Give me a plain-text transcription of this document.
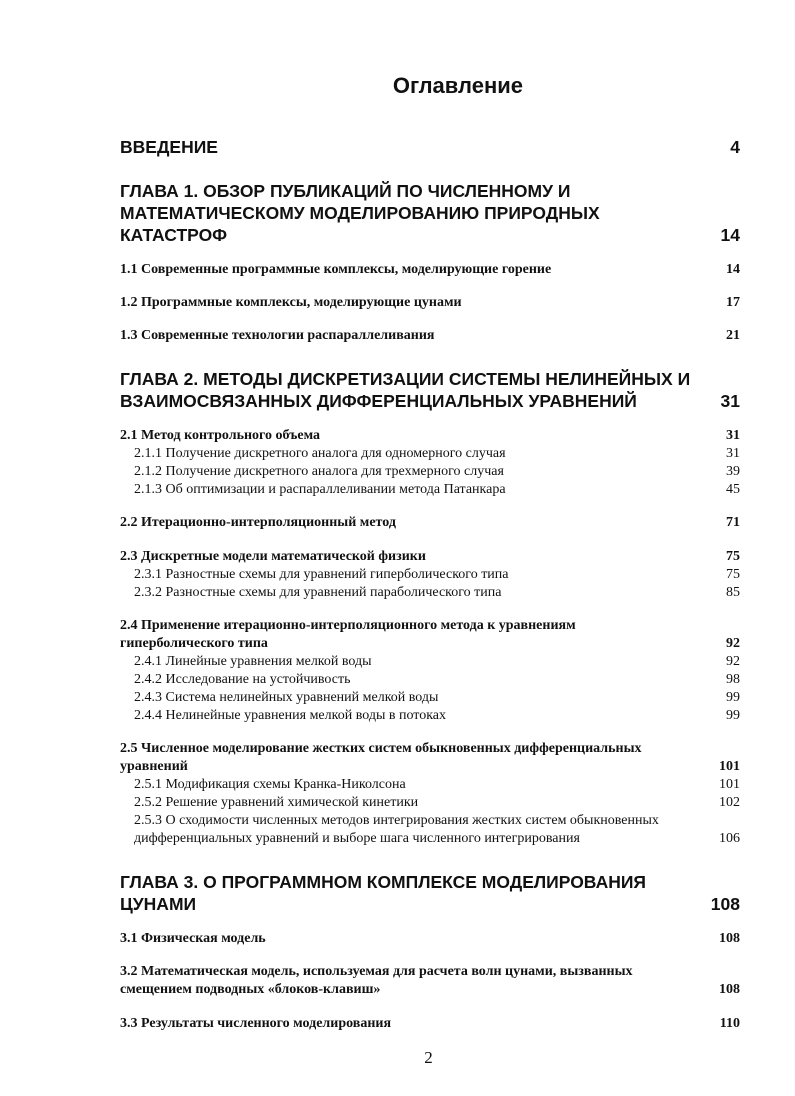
Оглавление
ВВЕДЕНИЕ	4
ГЛАВА 1. ОБЗОР ПУБЛИКАЦИЙ ПО ЧИСЛЕННОМУ И
МАТЕМАТИЧЕСКОМУ МОДЕЛИРОВАНИЮ ПРИРОДНЫХ
КАТАСТРОФ	14
1.1 Современные программные комплексы, моделирующие горение	14
1.2 Программные комплексы, моделирующие цунами	17
1.3 Современные технологии распараллеливания	21
ГЛАВА 2. МЕТОДЫ ДИСКРЕТИЗАЦИИ СИСТЕМЫ НЕЛИНЕЙНЫХ И
ВЗАИМОСВЯЗАННЫХ ДИФФЕРЕНЦИАЛЬНЫХ УРАВНЕНИЙ	31
2.1 Метод контрольного объема	31
2.1.1 Получение дискретного аналога для одномерного случая	31
2.1.2 Получение дискретного аналога для трехмерного случая	39
2.1.3 Об оптимизации и распараллеливании метода Патанкара	45
2.2 Итерационно-интерполяционный метод	71
2.3 Дискретные модели математической физики	75
2.3.1 Разностные схемы для уравнений гиперболического типа	75
2.3.2 Разностные схемы для уравнений параболического типа	85
2.4 Применение итерационно-интерполяционного метода к уравнениям
гиперболического типа	92
2.4.1 Линейные уравнения мелкой воды	92
2.4.2 Исследование на устойчивость	98
2.4.3 Система нелинейных уравнений мелкой воды	99
2.4.4 Нелинейные уравнения мелкой воды в потоках	99
2.5 Численное моделирование жестких систем обыкновенных дифференциальных
уравнений	101
2.5.1 Модификация схемы Кранка-Николсона	101
2.5.2 Решение уравнений химической кинетики	102
2.5.3 О сходимости численных методов интегрирования жестких систем обыкновенных
дифференциальных уравнений и выборе шага численного интегрирования	106
ГЛАВА 3. О ПРОГРАММНОМ КОМПЛЕКСЕ МОДЕЛИРОВАНИЯ
ЦУНАМИ	108
3.1 Физическая модель	108
3.2 Математическая модель, используемая для расчета волн цунами, вызванных
смещением подводных «блоков-клавиш»	108
3.3 Результаты численного моделирования	110
2
